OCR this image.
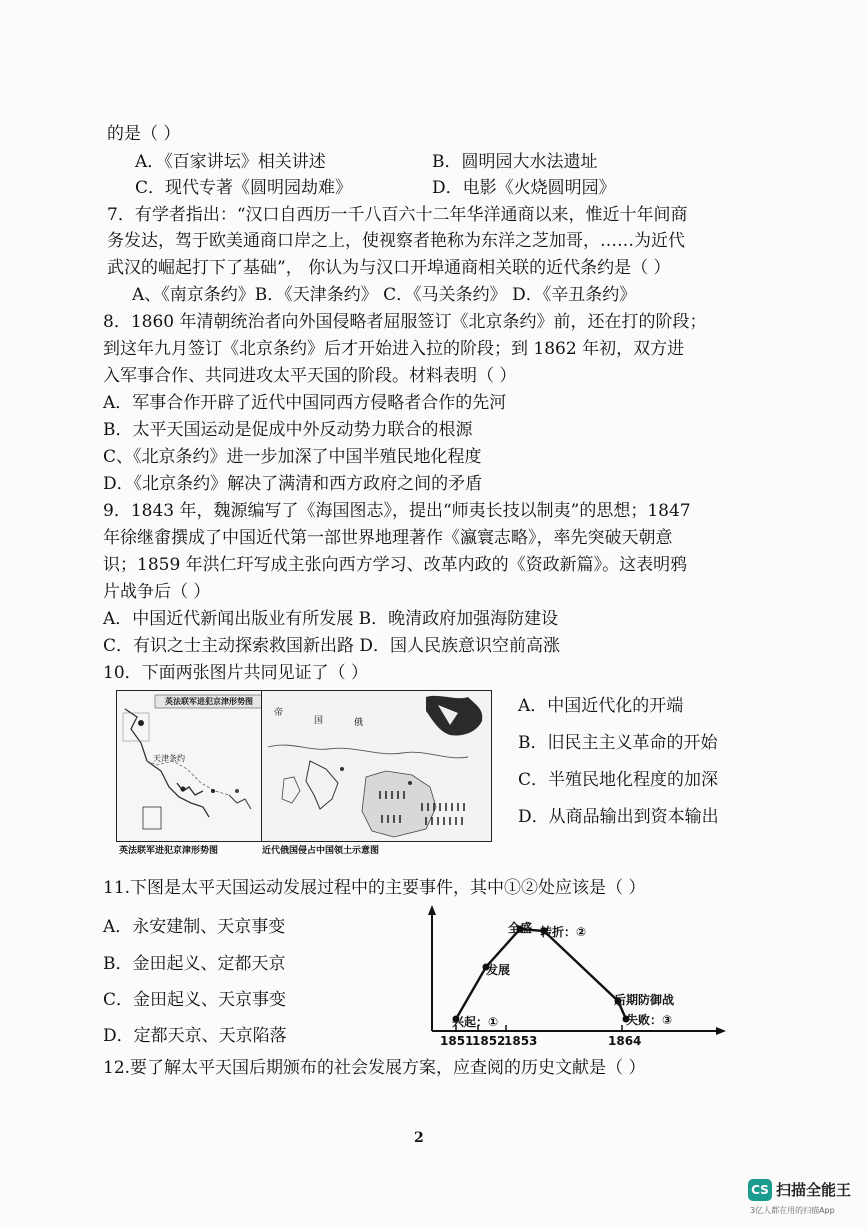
的是（ ）
A．《百家讲坛》相关讲述	B．圆明园大水法遗址
C．现代专著《圆明园劫难》	D．电影《火烧圆明园》
7．有学者指出：“汉口自西历一千八百六十二年华洋通商以来，惟近十年间商
务发达，驾于欧美通商口岸之上，使视察者艳称为东洋之芝加哥，……为近代
武汉的崛起打下了基础”， 你认为与汉口开埠通商相关联的近代条约是（ ）
A、《南京条约》B．《天津条约》 C．《马关条约》 D．《辛丑条约》
8．1860 年清朝统治者向外国侵略者屈服签订《北京条约》前，还在打的阶段；
到这年九月签订《北京条约》后才开始进入拉的阶段；到 1862 年初，双方进
入军事合作、共同进攻太平天国的阶段。材料表明（ ）
A．军事合作开辟了近代中国同西方侵略者合作的先河
B．太平天国运动是促成中外反动势力联合的根源
C、《北京条约》进一步加深了中国半殖民地化程度
D．《北京条约》解决了满清和西方政府之间的矛盾
9．1843 年，魏源编写了《海国图志》，提出“师夷长技以制夷”的思想；1847
年徐继畬撰成了中国近代第一部世界地理著作《瀛寰志略》，率先突破天朝意
识；1859 年洪仁玕写成主张向西方学习、改革内政的《资政新篇》。这表明鸦
片战争后（ ）
A．中国近代新闻出版业有所发展 B．晚清政府加强海防建设
C．有识之士主动探索救国新出路 D．国人民族意识空前高涨
10．下面两张图片共同见证了（ ）
英法联军进犯京津形势图
天津条约
英法联军进犯京津形势图
帝
国	俄
近代俄国侵占中国领土示意图
A．中国近代化的开端
B．旧民主主义革命的开始
C．半殖民地化程度的加深
D．从商品输出到资本输出
11.下图是太平天国运动发展过程中的主要事件，其中①②处应该是（ ）
A．永安建制、天京事变
B．金田起义、定都天京
C．金田起义、天京事变
D．定都天京、天京陷落
全盛 转折：②
发展
后期防御战
兴起：①	失败：③
1851
1852
1853	1864
12.要了解太平天国后期颁布的社会发展方案，应查阅的历史文献是（ ）
2
CS 扫描全能王
3亿人都在用的扫描App
